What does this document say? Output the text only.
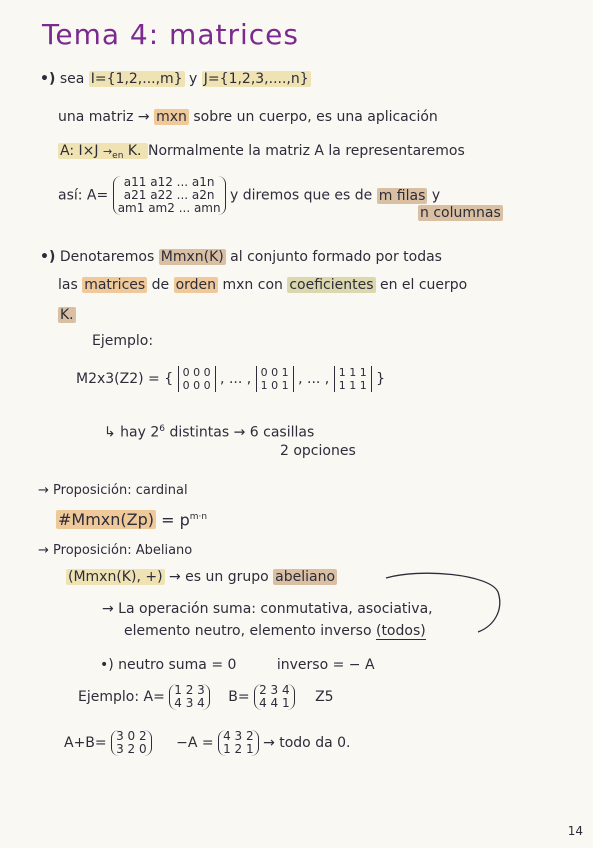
Tema 4: matrices
•) sea I={1,2,...,m} y J={1,2,3,....,n}
una matriz → mxn sobre un cuerpo, es una aplicación
A: $I\times J \to_{en}$ K. Normalmente la matriz A la representaremos
así: A=
a11 a12 ... a1n
a21 a22 ... a2n
am1 am2 ... amn
y diremos que es de m filas y
n columnas
•) Denotaremos Mmxn(K) al conjunto formado por todas
las matrices de orden mxn con coeficientes en el cuerpo
K.
Ejemplo:
M2x3(Z2) = { 0 0 0
0 0 0 , ... , 0 0 1
1 0 1 , ... , 1 1 1
1 1 1 }
↳ hay $2^6$ distintas → 6 casillas
2 opciones
→ Proposición: cardinal
#Mmxn(Zp) = $p^{m\cdot n}$
→ Proposición: Abeliano
(Mmxn(K), +) → es un grupo abeliano
→ La operación suma: conmutativa, asociativa,
elemento neutro, elemento inverso (todos)
•) neutro suma = 0	inverso = − A
Ejemplo: A= 1 2 3
4 3 4 B= 2 3 4
4 4 1 Z5
A+B= 3 0 2
3 2 0 −A = 4 3 2
1 2 1 → todo da 0.
14
